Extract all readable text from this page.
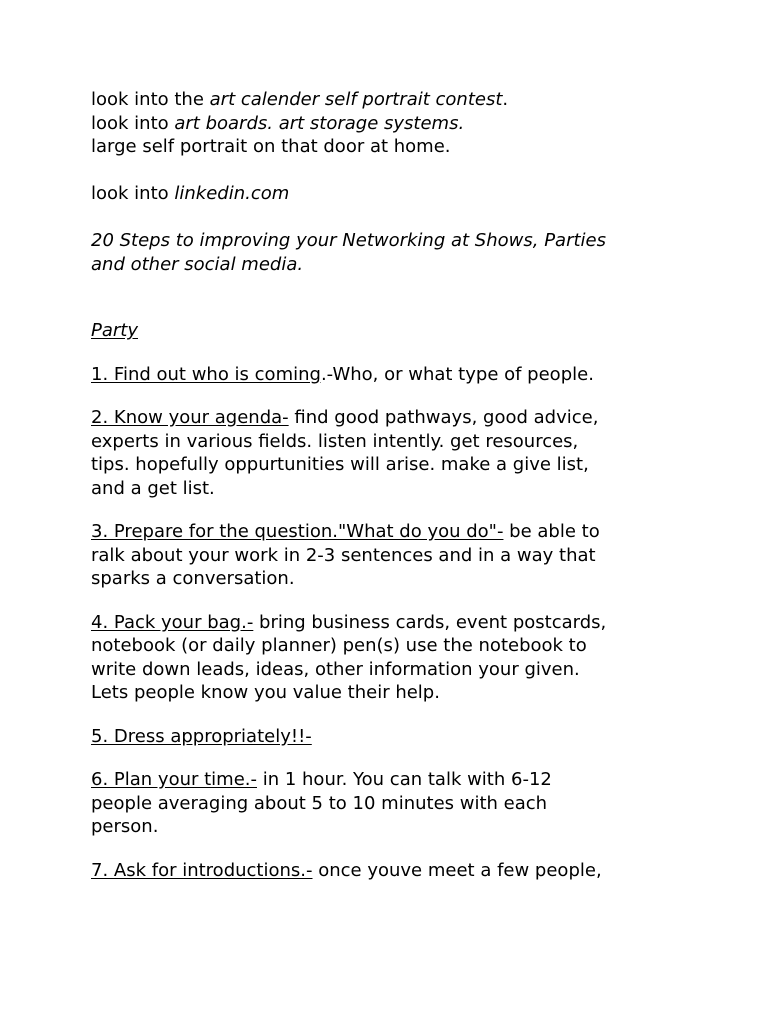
look into the art calender self portrait contest.
look into art boards. art storage systems.
large self portrait on that door at home.
look into linkedin.com
20 Steps to improving your Networking at Shows, Parties
and other social media.
Party
1. Find out who is coming.-Who, or what type of people.
2. Know your agenda- find good pathways, good advice,
experts in various fields. listen intently. get resources,
tips. hopefully oppurtunities will arise. make a give list,
and a get list.
3. Prepare for the question."What do you do"- be able to
ralk about your work in 2-3 sentences and in a way that
sparks a conversation.
4. Pack your bag.- bring business cards, event postcards,
notebook (or daily planner) pen(s) use the notebook to
write down leads, ideas, other information your given.
Lets people know you value their help.
5. Dress appropriately!!-
6. Plan your time.- in 1 hour. You can talk with 6-12
people averaging about 5 to 10 minutes with each
person.
7. Ask for introductions.- once youve meet a few people,
